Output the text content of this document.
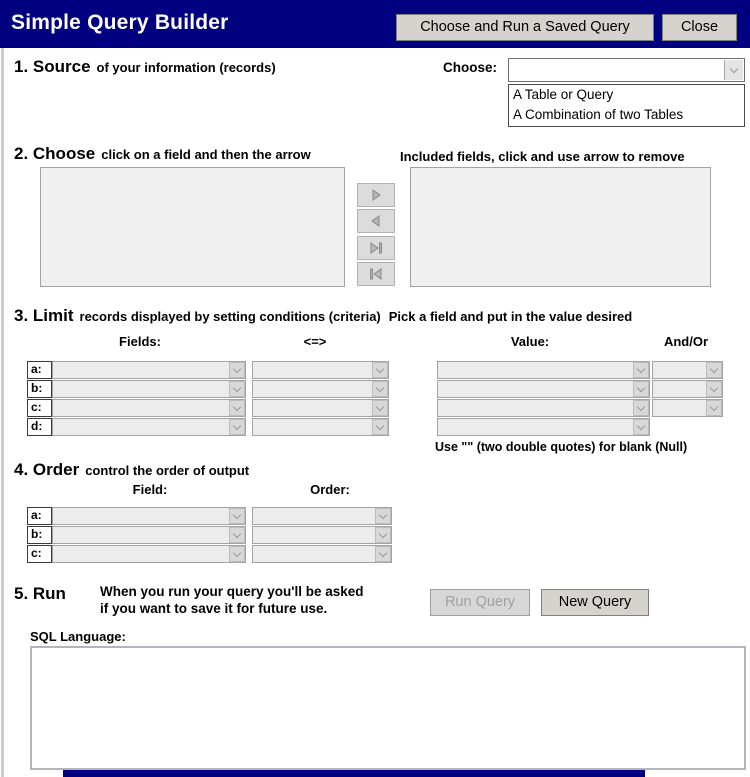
Simple Query Builder	Choose and Run a Saved Query	Close
1. Source of your information (records)	Choose:
A Table or Query
A Combination of two Tables
2. Choose click on a field and then the arrow	Included fields, click and use arrow to remove
3. Limit records displayed by setting conditions (criteria) Pick a field and put in the value desired
Fields:	<=>	Value:	And/Or
a:
b:
c:
d:
Use "" (two double quotes) for blank (Null)
4. Order control the order of output
Field:	Order:
a:
b:
c:
5. Run	When you run your query you'll be asked
if you want to save it for future use.	Run Query	New Query
SQL Language:
